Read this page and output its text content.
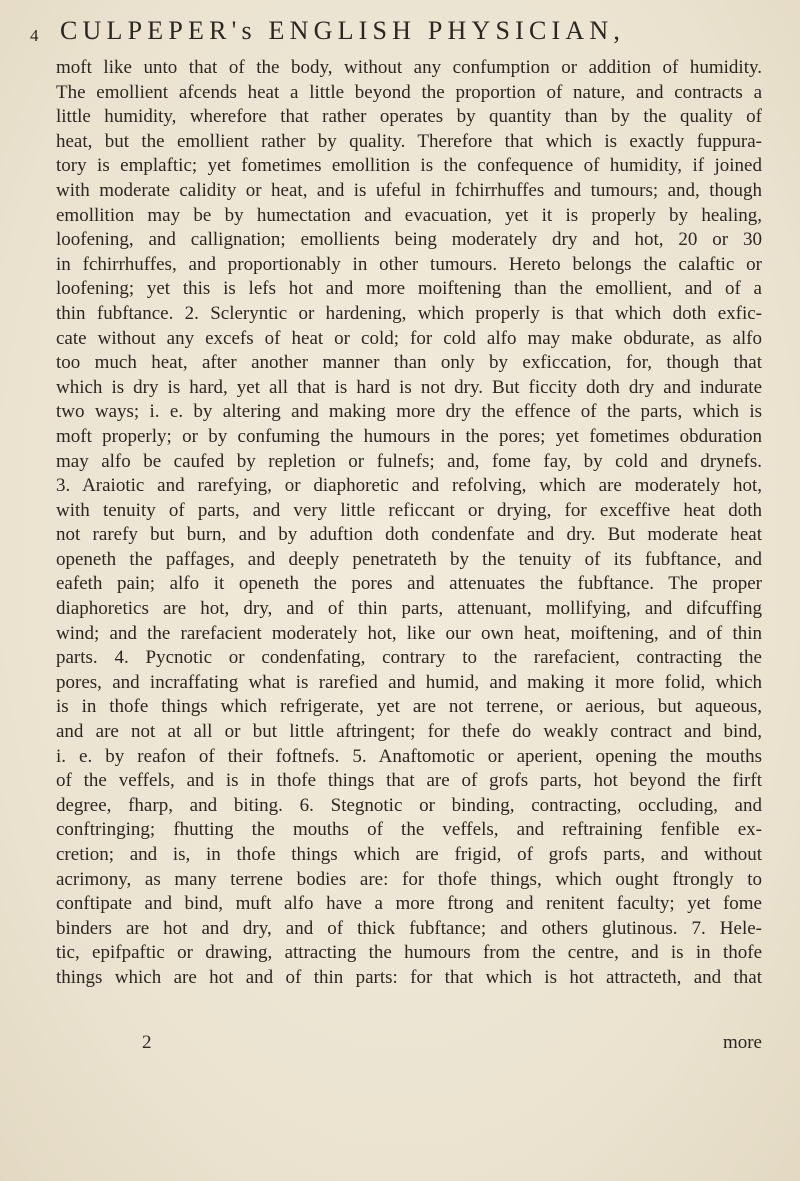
4 CULPEPER's ENGLISH PHYSICIAN,
moft like unto that of the body, without any confumption or addition of humidity.
The emollient afcends heat a little beyond the proportion of nature, and contracts a
little humidity, wherefore that rather operates by quantity than by the quality of
heat, but the emollient rather by quality. Therefore that which is exactly fuppura-
tory is emplaftic; yet fometimes emollition is the confequence of humidity, if joined
with moderate calidity or heat, and is ufeful in fchirrhuffes and tumours; and, though
emollition may be by humectation and evacuation, yet it is properly by healing,
loofening, and callignation; emollients being moderately dry and hot, 20 or 30
in fchirrhuffes, and proportionably in other tumours. Hereto belongs the calaftic or
loofening; yet this is lefs hot and more moiftening than the emollient, and of a
thin fubftance. 2. Scleryntic or hardening, which properly is that which doth exfic-
cate without any excefs of heat or cold; for cold alfo may make obdurate, as alfo
too much heat, after another manner than only by exficcation, for, though that
which is dry is hard, yet all that is hard is not dry. But ficcity doth dry and indurate
two ways; i. e. by altering and making more dry the effence of the parts, which is
moft properly; or by confuming the humours in the pores; yet fometimes obduration
may alfo be caufed by repletion or fulnefs; and, fome fay, by cold and drynefs.
3. Araiotic and rarefying, or diaphoretic and refolving, which are moderately hot,
with tenuity of parts, and very little reficcant or drying, for exceffive heat doth
not rarefy but burn, and by aduftion doth condenfate and dry. But moderate heat
openeth the paffages, and deeply penetrateth by the tenuity of its fubftance, and
eafeth pain; alfo it openeth the pores and attenuates the fubftance. The proper
diaphoretics are hot, dry, and of thin parts, attenuant, mollifying, and difcuffing
wind; and the rarefacient moderately hot, like our own heat, moiftening, and of thin
parts. 4. Pycnotic or condenfating, contrary to the rarefacient, contracting the
pores, and incraffating what is rarefied and humid, and making it more folid, which
is in thofe things which refrigerate, yet are not terrene, or aerious, but aqueous,
and are not at all or but little aftringent; for thefe do weakly contract and bind,
i. e. by reafon of their foftnefs. 5. Anaftomotic or aperient, opening the mouths
of the veffels, and is in thofe things that are of grofs parts, hot beyond the firft
degree, fharp, and biting. 6. Stegnotic or binding, contracting, occluding, and
conftringing; fhutting the mouths of the veffels, and reftraining fenfible ex-
cretion; and is, in thofe things which are frigid, of grofs parts, and without
acrimony, as many terrene bodies are: for thofe things, which ought ftrongly to
conftipate and bind, muft alfo have a more ftrong and renitent faculty; yet fome
binders are hot and dry, and of thick fubftance; and others glutinous. 7. Hele-
tic, epifpaftic or drawing, attracting the humours from the centre, and is in thofe
things which are hot and of thin parts: for that which is hot attracteth, and that
2	more
